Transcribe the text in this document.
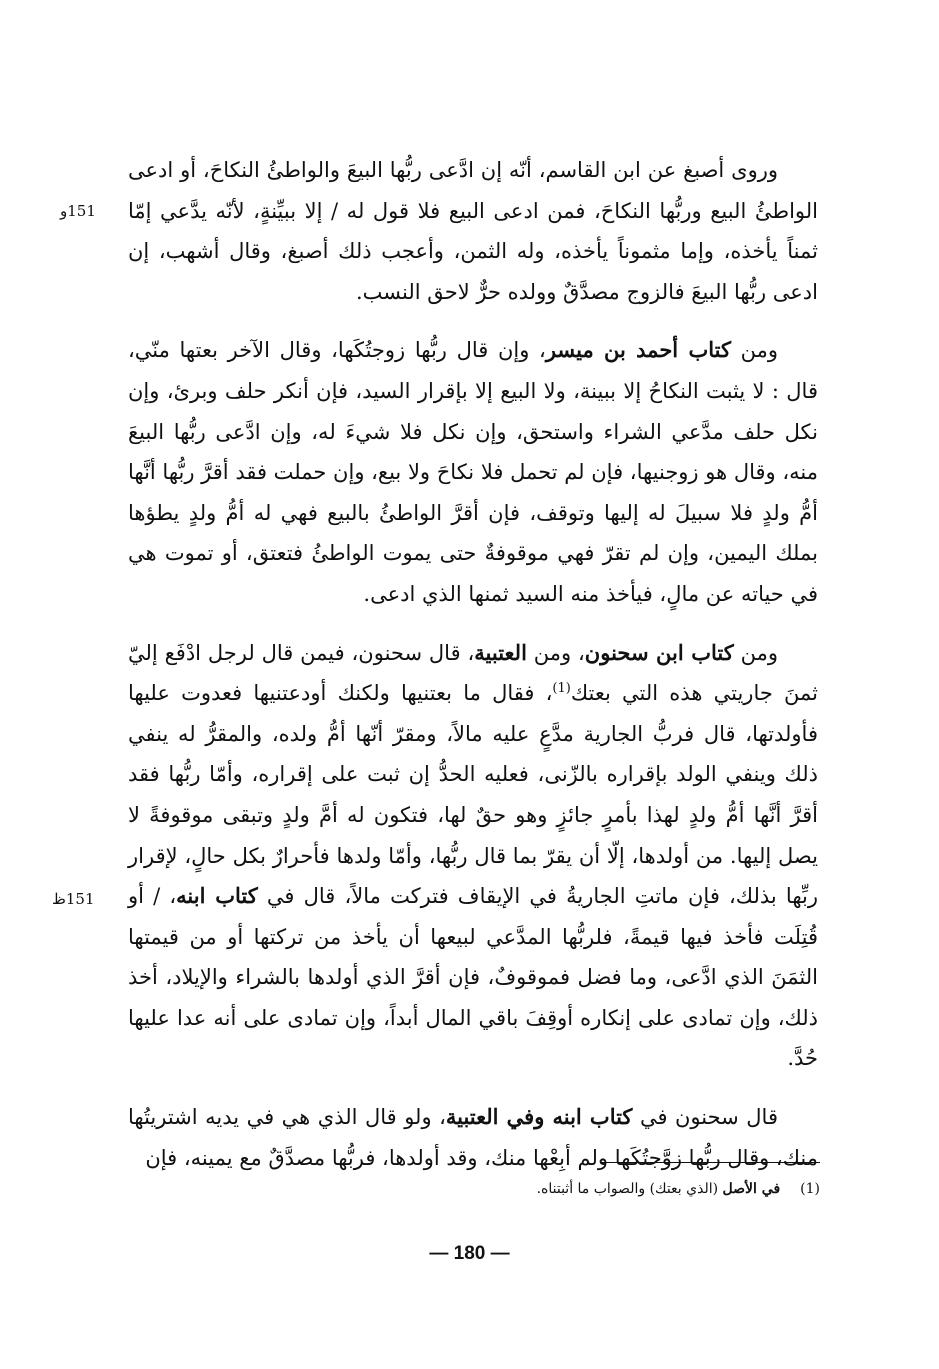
وروى أصبغ عن ابن القاسم، أنّه إن ادَّعى ربُّها البيعَ والواطئُ النكاحَ، أو ادعى الواطئُ البيع وربُّها النكاحَ، فمن ادعى البيع فلا قول له / إلا ببيِّنةٍ، لأنّه يدَّعي إمّا ثمناً يأخذه، وإما مثموناً يأخذه، وله الثمن، وأعجب ذلك أصبغ، وقال أشهب، إن ادعى ربُّها البيعَ فالزوج مصدَّقٌ وولده حرٌّ لاحق النسب.

ومن كتاب أحمد بن ميسر، وإن قال ربُّها زوجتُكَها، وقال الآخر بعتها منّي، قال : لا يثبت النكاحُ إلا ببينة، ولا البيع إلا بإقرار السيد، فإن أنكر حلف وبرئ، وإن نكل حلف مدَّعي الشراء واستحق، وإن نكل فلا شيءَ له، وإن ادَّعى ربُّها البيعَ منه، وقال هو زوجنيها، فإن لم تحمل فلا نكاحَ ولا بيع، وإن حملت فقد أقرَّ ربُّها أنَّها أمُّ ولدٍ فلا سبيلَ له إليها وتوقف، فإن أقرَّ الواطئُ بالبيع فهي له أمُّ ولدٍ يطؤها بملك اليمين، وإن لم تقرّ فهي موقوفةٌ حتى يموت الواطئُ فتعتق، أو تموت هي في حياته عن مالٍ، فيأخذ منه السيد ثمنها الذي ادعى.

ومن كتاب ابن سحنون، ومن العتبية، قال سحنون، فيمن قال لرجل ادْفَع إليّ ثمنَ جاريتي هذه التي بعتك$^{(1)}$، فقال ما بعتنيها ولكنك أودعتنيها فعدوت عليها فأولدتها، قال فربُّ الجارية مدَّعٍ عليه مالاً، ومقرّ أنّها أمُّ ولده، والمقرُّ له ينفي ذلك وينفي الولد بإقراره بالزّنى، فعليه الحدُّ إن ثبت على إقراره، وأمّا ربُّها فقد أقرَّ أنَّها أمُّ ولدٍ لهذا بأمرٍ جائزٍ وهو حقٌ لها، فتكون له أمَّ ولدٍ وتبقى موقوفةً لا يصل إليها. من أولدها، إلّا أن يقرّ بما قال ربُّها، وأمّا ولدها فأحرارٌ بكل حالٍ، لإقرار ربِّها بذلك، فإن ماتتِ الجاريةُ في الإيقاف فتركت مالاً، قال في كتاب ابنه، / أو قُتِلَت فأخذ فيها قيمةً، فلربُّها المدَّعي لبيعها أن يأخذ من تركتها أو من قيمتها الثمَنَ الذي ادَّعى، وما فضل فموقوفٌ، فإن أقرَّ الذي أولدها بالشراء والإيلاد، أخذ ذلك، وإن تمادى على إنكاره أوقِفَ باقي المال أبداً، وإن تمادى على أنه عدا عليها حُدَّ.

قال سحنون في كتاب ابنه وفي العتبية، ولو قال الذي هي في يديه اشتريتُها منك، وقال ربُّها زوَّجتُكَها ولم أبِعْها منك، وقد أولدها، فربُّها مصدَّقٌ مع يمينه، فإن

151و
151ظ
(1)في الأصل (الذي بعتك) والصواب ما أثبتناه.
— 180 —
